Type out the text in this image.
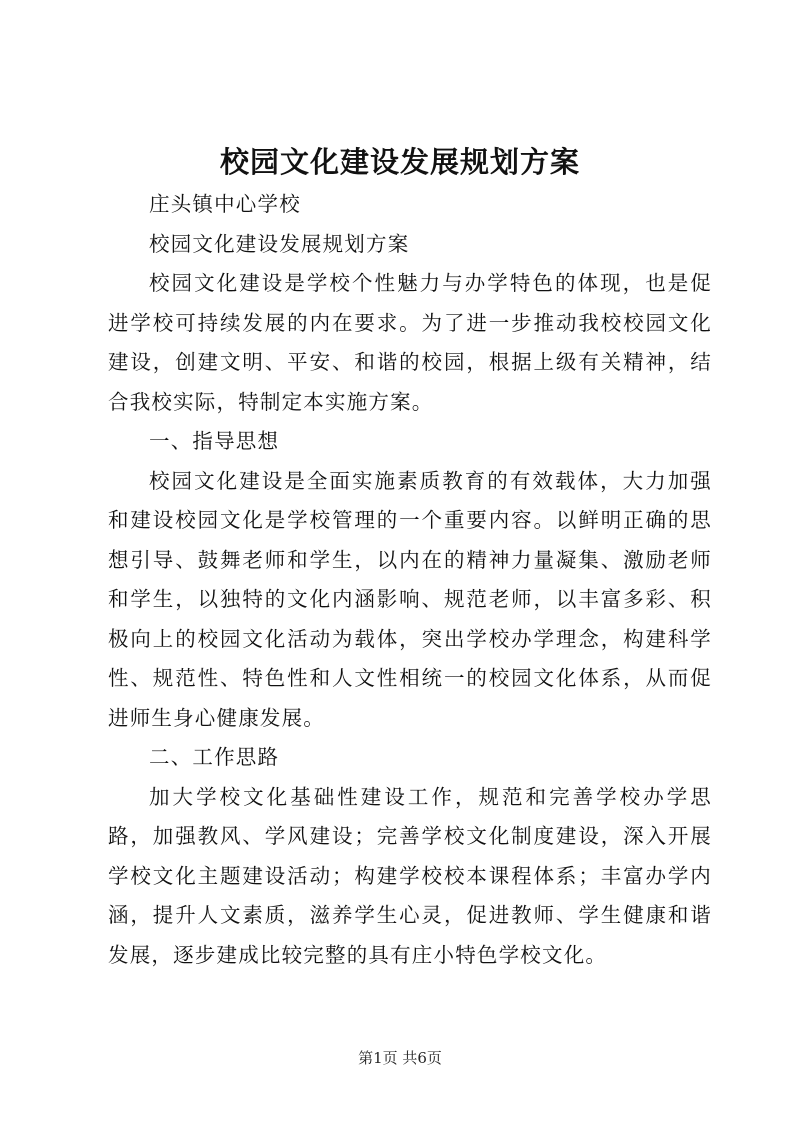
校园文化建设发展规划方案

庄头镇中心学校

校园文化建设发展规划方案

校园文化建设是学校个性魅力与办学特色的体现，也是促进学校可持续发展的内在要求。为了进一步推动我校校园文化建设，创建文明、平安、和谐的校园，根据上级有关精神，结合我校实际，特制定本实施方案。

一、指导思想

校园文化建设是全面实施素质教育的有效载体，大力加强和建设校园文化是学校管理的一个重要内容。以鲜明正确的思想引导、鼓舞老师和学生，以内在的精神力量凝集、激励老师和学生，以独特的文化内涵影响、规范老师，以丰富多彩、积极向上的校园文化活动为载体，突出学校办学理念，构建科学性、规范性、特色性和人文性相统一的校园文化体系，从而促进师生身心健康发展。

二、工作思路

加大学校文化基础性建设工作，规范和完善学校办学思路，加强教风、学风建设；完善学校文化制度建设，深入开展学校文化主题建设活动；构建学校校本课程体系；丰富办学内涵，提升人文素质，滋养学生心灵，促进教师、学生健康和谐发展，逐步建成比较完整的具有庄小特色学校文化。

第1页 共6页
